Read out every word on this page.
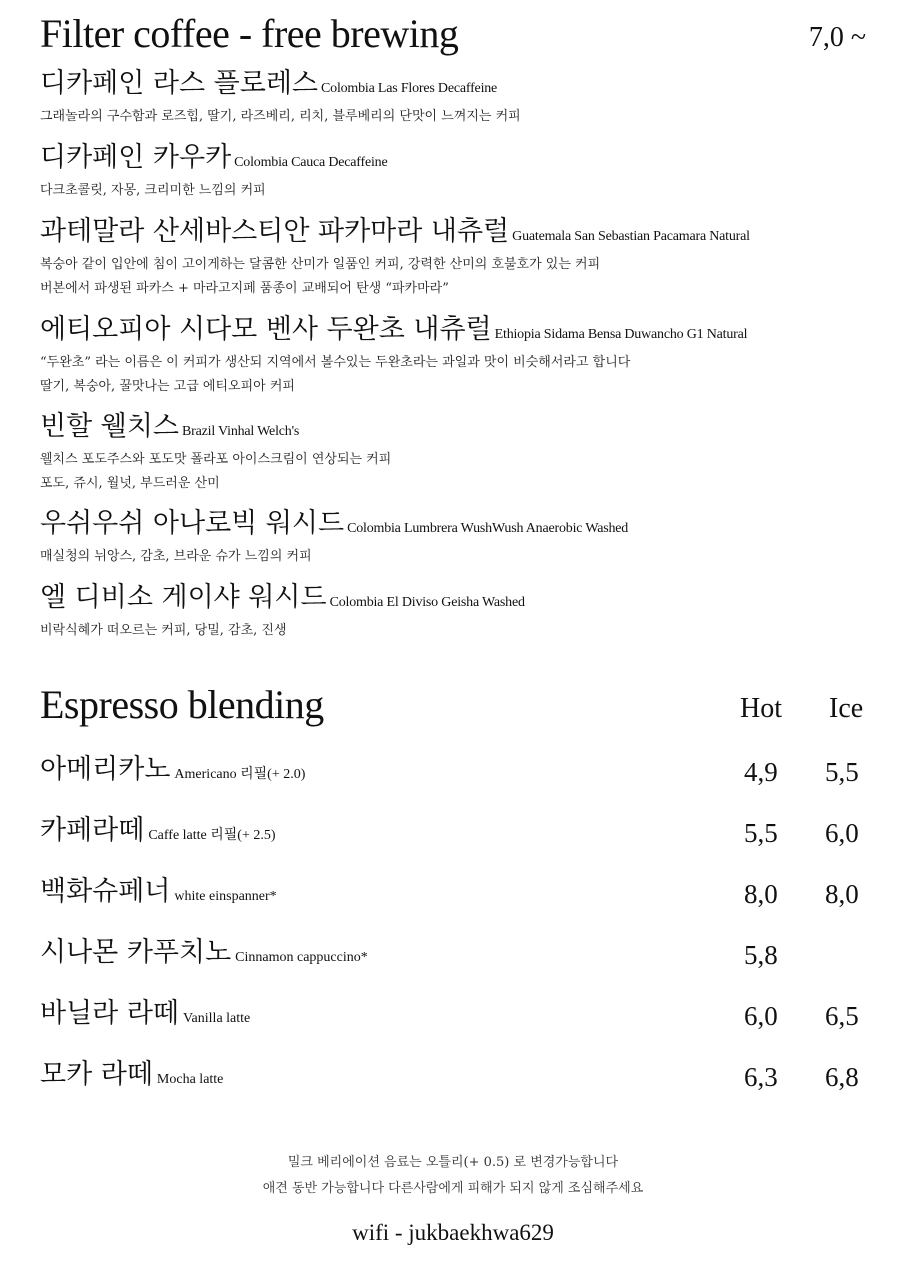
Filter coffee - free brewing	7,0 ~
디카페인 라스 플로레스 Colombia Las Flores Decaffeine
그래놀라의 구수함과 로즈힙, 딸기, 라즈베리, 리치, 블루베리의 단맛이 느껴지는 커피
디카페인 카우카 Colombia Cauca Decaffeine
다크초콜릿, 자몽, 크리미한 느낌의 커피
과테말라 산세바스티안 파카마라 내츄럴 Guatemala San Sebastian Pacamara Natural
복숭아 같이 입안에 침이 고이게하는 달콤한 산미가 일품인 커피, 강력한 산미의 호불호가 있는 커피
버본에서 파생된 파카스 + 마라고지페 품종이 교배되어 탄생 “파카마라”
에티오피아 시다모 벤사 두완초 내츄럴 Ethiopia Sidama Bensa Duwancho G1 Natural
“두완초” 라는 이름은 이 커피가 생산되 지역에서 볼수있는 두완초라는 과일과 맛이 비슷해서라고 합니다
딸기, 복숭아, 꿀맛나는 고급 에티오피아 커피
빈할 웰치스 Brazil Vinhal Welch's
웰치스 포도주스와 포도맛 폴라포 아이스크림이 연상되는 커피
포도, 쥬시, 월넛, 부드러운 산미
우쉬우쉬 아나로빅 워시드 Colombia Lumbrera WushWush Anaerobic Washed
매실청의 뉘앙스, 감초, 브라운 슈가 느낌의 커피
엘 디비소 게이샤 워시드 Colombia El Diviso Geisha Washed
비락식혜가 떠오르는 커피, 당밀, 감초, 진생
Espresso blending	Hot Ice
아메리카노 Americano 리필(+ 2.0)	4,9 5,5
카페라떼 Caffe latte 리필(+ 2.5)	5,5 6,0
백화슈페너 white einspanner*	8,0 8,0
시나몬 카푸치노 Cinnamon cappuccino*	5,8
바닐라 라떼 Vanilla latte	6,0 6,5
모카 라떼 Mocha latte	6,3 6,8
밀크 베리에이션 음료는 오틀리(+ 0.5) 로 변경가능합니다
애견 동반 가능합니다 다른사람에게 피해가 되지 않게 조심해주세요
wifi - jukbaekhwa629
